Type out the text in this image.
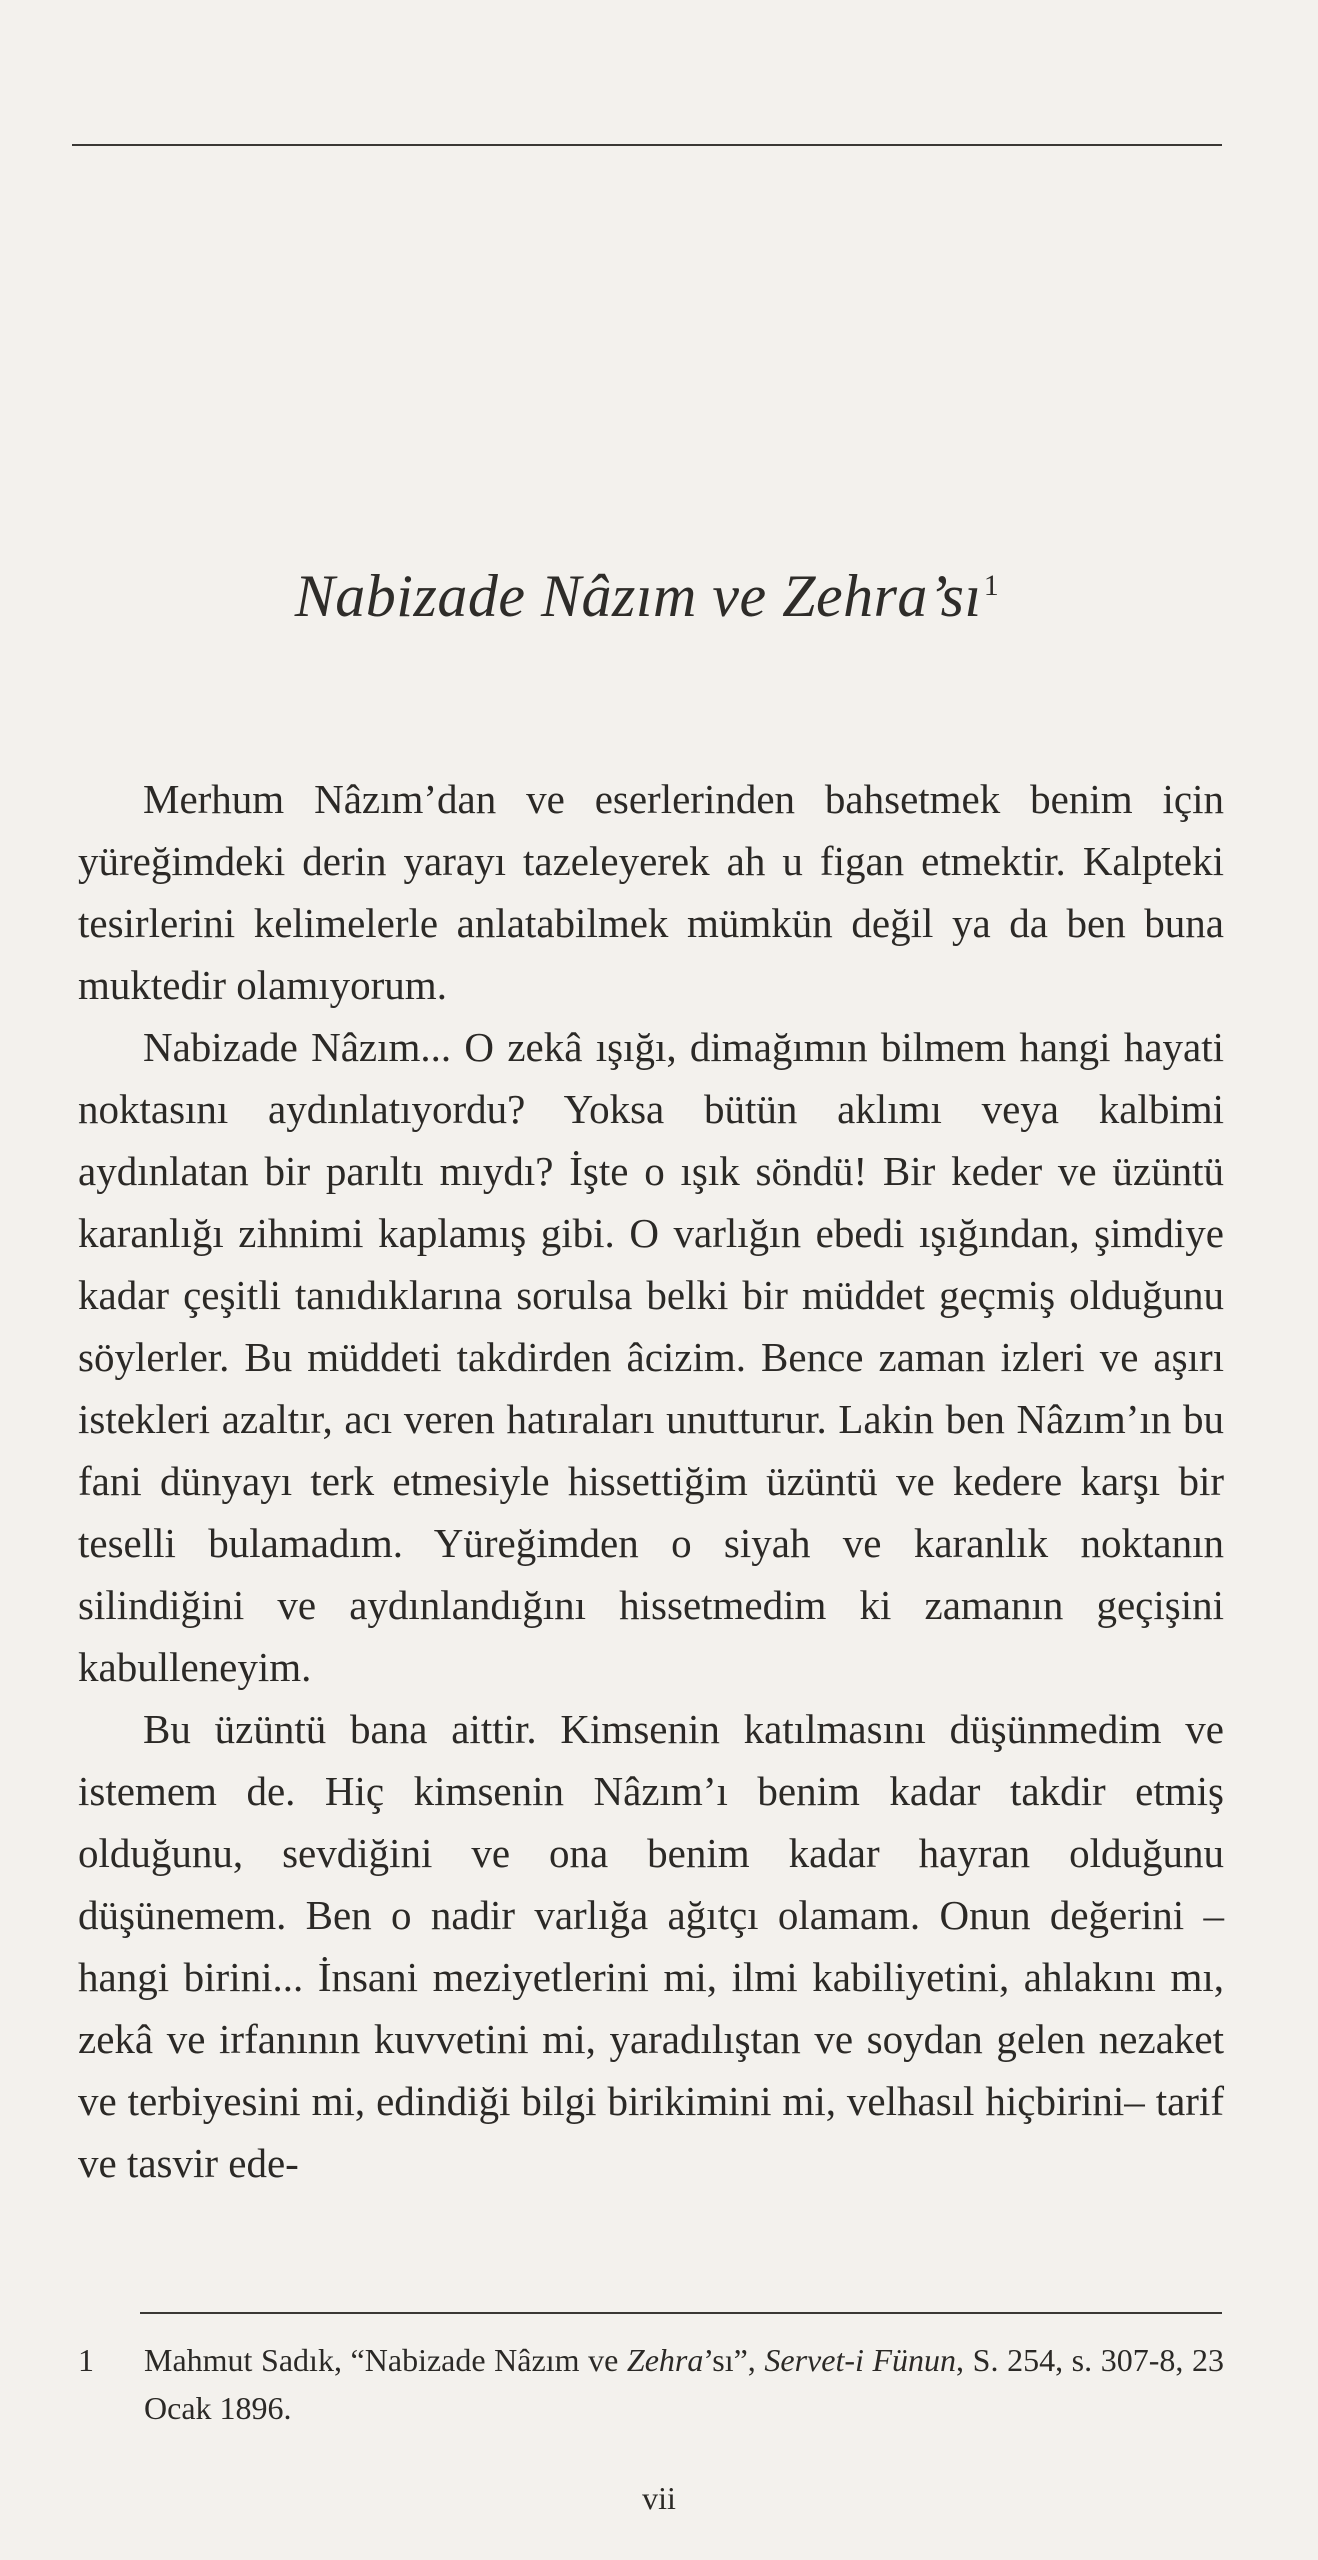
Nabizade Nâzım ve $Zehra’sı^1$

Merhum Nâzım’dan ve eserlerinden bahsetmek benim için yüreğimdeki derin yarayı tazeleyerek ah u figan etmektir. Kalpteki tesirlerini kelimelerle anlatabilmek mümkün değil ya da ben buna muktedir olamıyorum.

Nabizade Nâzım... O zekâ ışığı, dimağımın bilmem hangi hayati noktasını aydınlatıyordu? Yoksa bütün aklımı veya kalbimi aydınlatan bir parıltı mıydı? İşte o ışık söndü! Bir keder ve üzüntü karanlığı zihnimi kaplamış gibi. O varlığın ebedi ışığından, şimdiye kadar çeşitli tanıdıklarına sorulsa belki bir müddet geçmiş olduğunu söylerler. Bu müddeti takdirden âcizim. Bence zaman izleri ve aşırı istekleri azaltır, acı veren hatıraları unutturur. Lakin ben Nâzım’ın bu fani dünyayı terk etmesiyle hissettiğim üzüntü ve kedere karşı bir teselli bulamadım. Yüreğimden o siyah ve karanlık noktanın silindiğini ve aydınlandığını hissetmedim ki zamanın geçişini kabulleneyim.

Bu üzüntü bana aittir. Kimsenin katılmasını düşünmedim ve istemem de. Hiç kimsenin Nâzım’ı benim kadar takdir etmiş olduğunu, sevdiğini ve ona benim kadar hayran olduğunu düşünemem. Ben o nadir varlığa ağıtçı olamam. Onun değerini –hangi birini... İnsani meziyetlerini mi, ilmi kabiliyetini, ahlakını mı, zekâ ve irfanının kuvvetini mi, yaradılıştan ve soydan gelen nezaket ve terbiyesini mi, edindiği bilgi birikimini mi, velhasıl hiçbirini– tarif ve tasvir ede-

1 Mahmut Sadık, “Nabizade Nâzım ve Zehra’sı”, Servet-i Fünun, S. 254, s. 307-8, 23 Ocak 1896.
vii
